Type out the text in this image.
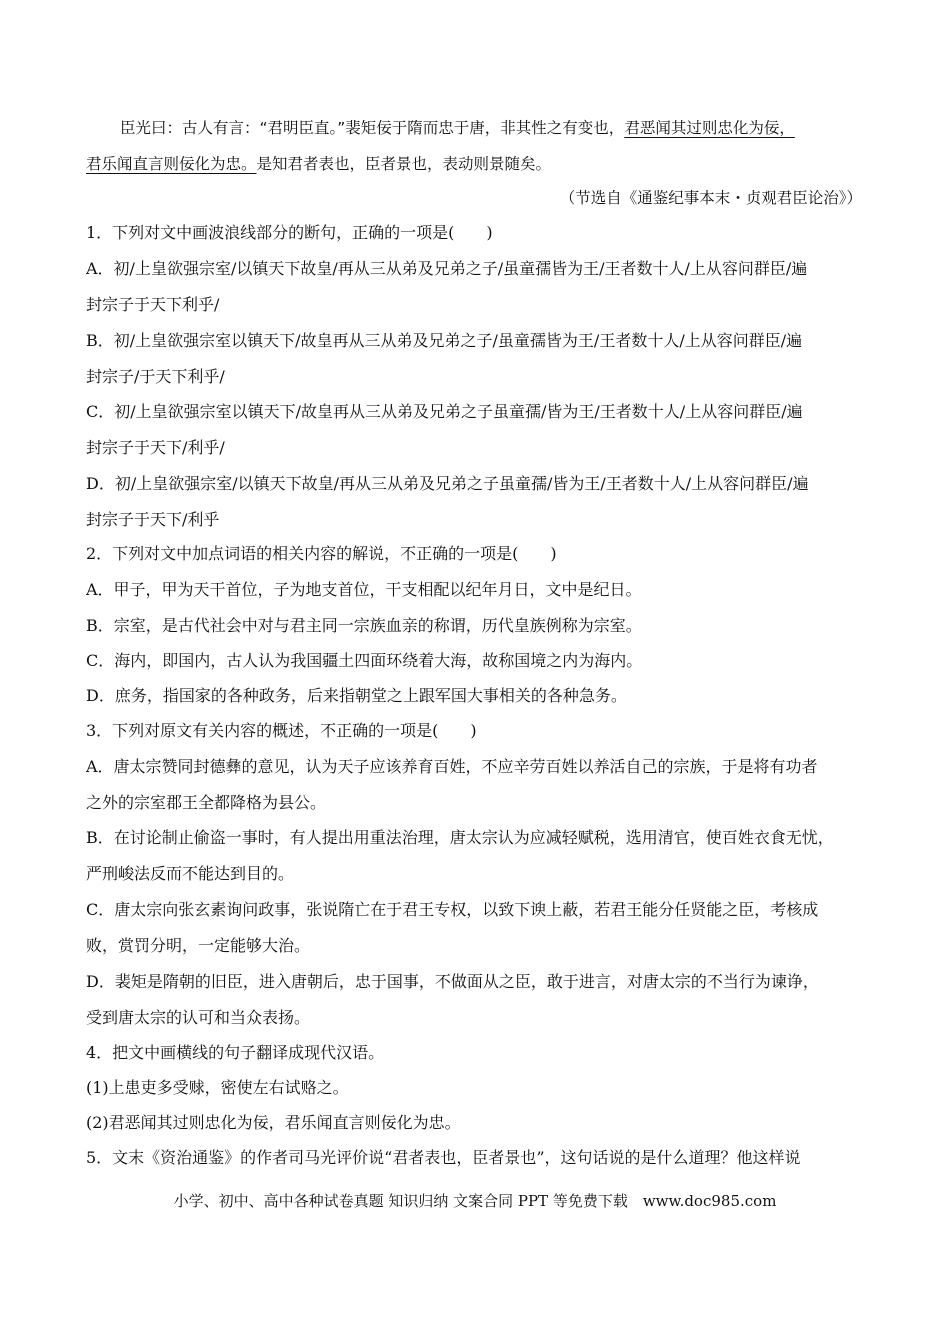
臣光曰：古人有言：“君明臣直。”裴矩佞于隋而忠于唐，非其性之有变也，君恶闻其过则忠化为佞，
君乐闻直言则佞化为忠。是知君者表也，臣者景也，表动则景随矣。
（节选自《通鉴纪事本末・贞观君臣论治》）
1．下列对文中画波浪线部分的断句，正确的一项是(　　)
A．初/上皇欲强宗室/以镇天下故皇/再从三从弟及兄弟之子/虽童孺皆为王/王者数十人/上从容问群臣/遍
封宗子于天下利乎/
B．初/上皇欲强宗室以镇天下/故皇再从三从弟及兄弟之子/虽童孺皆为王/王者数十人/上从容问群臣/遍
封宗子/于天下利乎/
C．初/上皇欲强宗室以镇天下/故皇再从三从弟及兄弟之子虽童孺/皆为王/王者数十人/上从容问群臣/遍
封宗子于天下/利乎/
D．初/上皇欲强宗室/以镇天下故皇/再从三从弟及兄弟之子虽童孺/皆为王/王者数十人/上从容问群臣/遍
封宗子于天下/利乎
2．下列对文中加点词语的相关内容的解说，不正确的一项是(　　)
A．甲子，甲为天干首位，子为地支首位，干支相配以纪年月日，文中是纪日。
B．宗室，是古代社会中对与君主同一宗族血亲的称谓，历代皇族例称为宗室。
C．海内，即国内，古人认为我国疆土四面环绕着大海，故称国境之内为海内。
D．庶务，指国家的各种政务，后来指朝堂之上跟军国大事相关的各种急务。
3．下列对原文有关内容的概述，不正确的一项是(　　)
A．唐太宗赞同封德彝的意见，认为天子应该养育百姓，不应辛劳百姓以养活自己的宗族，于是将有功者
之外的宗室郡王全都降格为县公。
B．在讨论制止偷盗一事时，有人提出用重法治理，唐太宗认为应减轻赋税，选用清官，使百姓衣食无忧，
严刑峻法反而不能达到目的。
C．唐太宗向张玄素询问政事，张说隋亡在于君王专权，以致下谀上蔽，若君王能分任贤能之臣，考核成
败，赏罚分明，一定能够大治。
D．裴矩是隋朝的旧臣，进入唐朝后，忠于国事，不做面从之臣，敢于进言，对唐太宗的不当行为谏诤，
受到唐太宗的认可和当众表扬。
4．把文中画横线的句子翻译成现代汉语。
(1)上患吏多受赇，密使左右试赂之。
(2)君恶闻其过则忠化为佞，君乐闻直言则佞化为忠。
5．文末《资治通鉴》的作者司马光评价说“君者表也，臣者景也”，这句话说的是什么道理？他这样说
小学、初中、高中各种试卷真题 知识归纳 文案合同 PPT 等免费下载　www.doc985.com
